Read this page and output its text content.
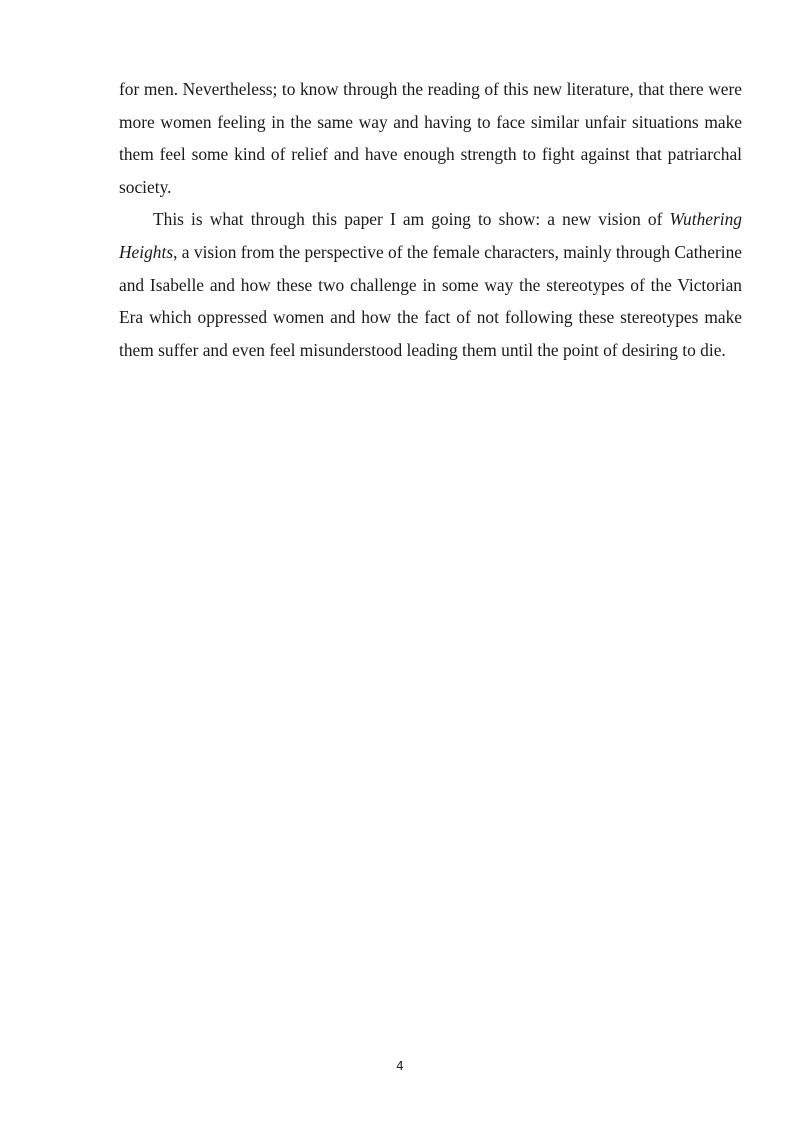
for men. Nevertheless; to know through the reading of this new literature, that there were more women feeling in the same way and having to face similar unfair situations make them feel some kind of relief and have enough strength to fight against that patriarchal society.

This is what through this paper I am going to show: a new vision of Wuthering Heights, a vision from the perspective of the female characters, mainly through Catherine and Isabelle and how these two challenge in some way the stereotypes of the Victorian Era which oppressed women and how the fact of not following these stereotypes make them suffer and even feel misunderstood leading them until the point of desiring to die.

4
